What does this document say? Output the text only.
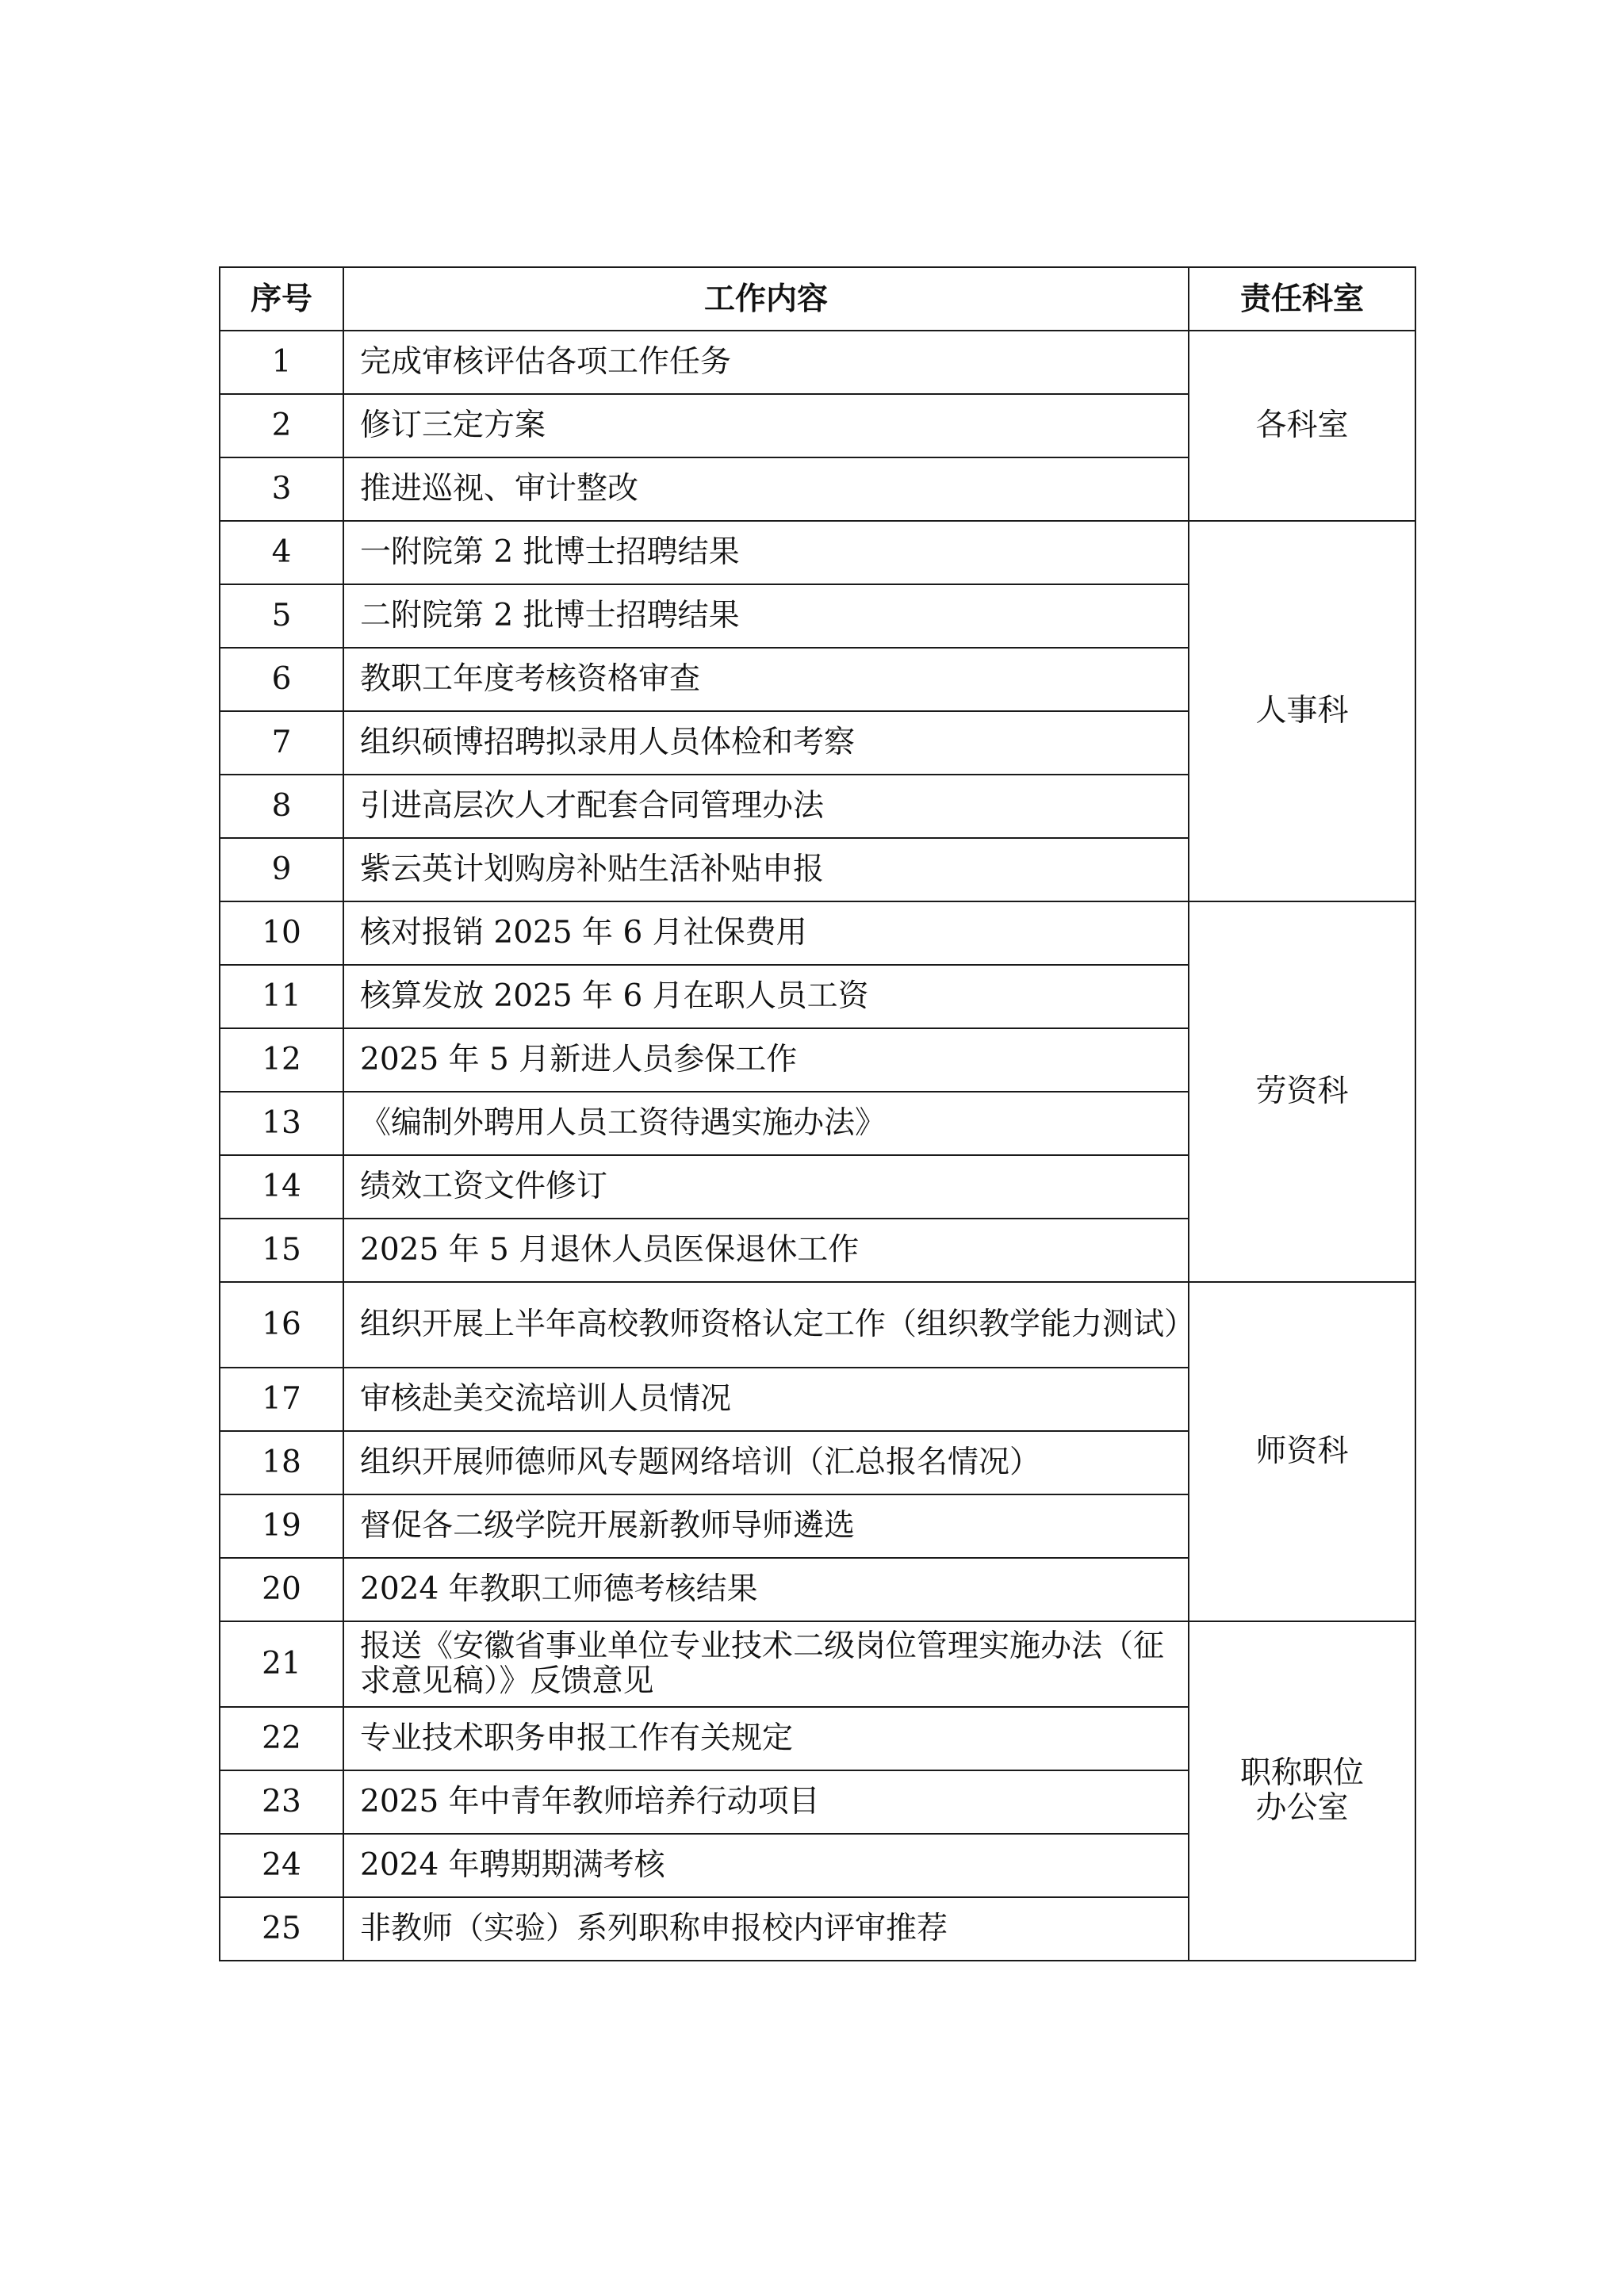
序号	工作内容	责任科室
1	完成审核评估各项工作任务	各科室

2	修订三定方案	
3	推进巡视、审计整改	
4	一附院第 2 批博士招聘结果	人事科

5	二附院第 2 批博士招聘结果	
6	教职工年度考核资格审查	
7	组织硕博招聘拟录用人员体检和考察	
8	引进高层次人才配套合同管理办法	
9	紫云英计划购房补贴生活补贴申报	
10	核对报销 2025 年 6 月社保费用	劳资科

11	核算发放 2025 年 6 月在职人员工资	
12	2025 年 5 月新进人员参保工作	
13	《编制外聘用人员工资待遇实施办法》	
14	绩效工资文件修订	
15	2025 年 5 月退休人员医保退休工作	
16	组织开展上半年高校教师资格认定工作（组织教学能力测试）	师资科

17	审核赴美交流培训人员情况	
18	组织开展师德师风专题网络培训（汇总报名情况）	
19	督促各二级学院开展新教师导师遴选	
20	2024 年教职工师德考核结果	
21	报送《安徽省事业单位专业技术二级岗位管理实施办法（征求意见稿）》反馈意见	职称职位
办公室

22	专业技术职务申报工作有关规定	
23	2025 年中青年教师培养行动项目	
24	2024 年聘期期满考核	
25	非教师（实验）系列职称申报校内评审推荐	
